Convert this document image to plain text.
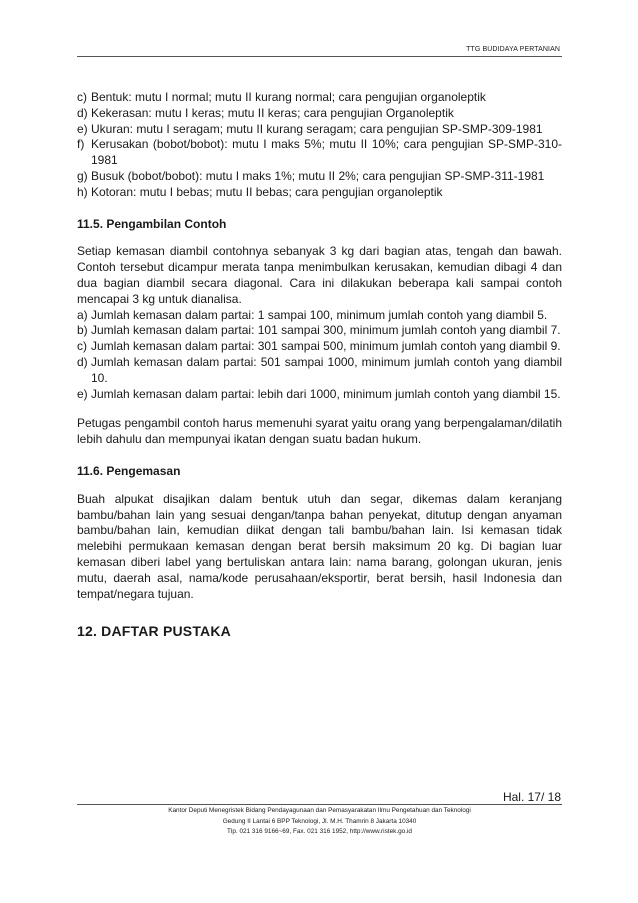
TTG BUDIDAYA PERTANIAN
c) Bentuk: mutu I normal; mutu II kurang normal; cara pengujian organoleptik
d) Kekerasan: mutu I keras; mutu II keras; cara pengujian Organoleptik
e) Ukuran: mutu I seragam; mutu II kurang seragam; cara pengujian SP-SMP-309-1981
f) Kerusakan (bobot/bobot): mutu I maks 5%; mutu II 10%; cara pengujian SP-SMP-310-1981
g) Busuk (bobot/bobot): mutu I maks 1%; mutu II 2%; cara pengujian SP-SMP-311-1981
h) Kotoran: mutu I bebas; mutu II bebas; cara pengujian organoleptik
11.5. Pengambilan Contoh

Setiap kemasan diambil contohnya sebanyak 3 kg dari bagian atas, tengah dan bawah. Contoh tersebut dicampur merata tanpa menimbulkan kerusakan, kemudian dibagi 4 dan dua bagian diambil secara diagonal. Cara ini dilakukan beberapa kali sampai contoh mencapai 3 kg untuk dianalisa.

a) Jumlah kemasan dalam partai: 1 sampai 100, minimum jumlah contoh yang diambil 5.
b) Jumlah kemasan dalam partai: 101 sampai 300, minimum jumlah contoh yang diambil 7.
c) Jumlah kemasan dalam partai: 301 sampai 500, minimum jumlah contoh yang diambil 9.
d) Jumlah kemasan dalam partai: 501 sampai 1000, minimum jumlah contoh yang diambil 10.
e) Jumlah kemasan dalam partai: lebih dari 1000, minimum jumlah contoh yang diambil 15.

Petugas pengambil contoh harus memenuhi syarat yaitu orang yang berpengalaman/dilatih lebih dahulu dan mempunyai ikatan dengan suatu badan hukum.

11.6. Pengemasan

Buah alpukat disajikan dalam bentuk utuh dan segar, dikemas dalam keranjang bambu/bahan lain yang sesuai dengan/tanpa bahan penyekat, ditutup dengan anyaman bambu/bahan lain, kemudian diikat dengan tali bambu/bahan lain. Isi kemasan tidak melebihi permukaan kemasan dengan berat bersih maksimum 20 kg. Di bagian luar kemasan diberi label yang bertuliskan antara lain: nama barang, golongan ukuran, jenis mutu, daerah asal, nama/kode perusahaan/eksportir, berat bersih, hasil Indonesia dan tempat/negara tujuan.

12. DAFTAR PUSTAKA
Hal. 17/ 18
Kantor Deputi Menegristek Bidang Pendayagunaan dan Pemasyarakatan Ilmu Pengetahuan dan Teknologi
Gedung II Lantai 6 BPP Teknologi, Jl. M.H. Thamrin 8 Jakarta 10340
Tlp. 021 316 9166~69, Fax. 021 316 1952, http://www.ristek.go.id
